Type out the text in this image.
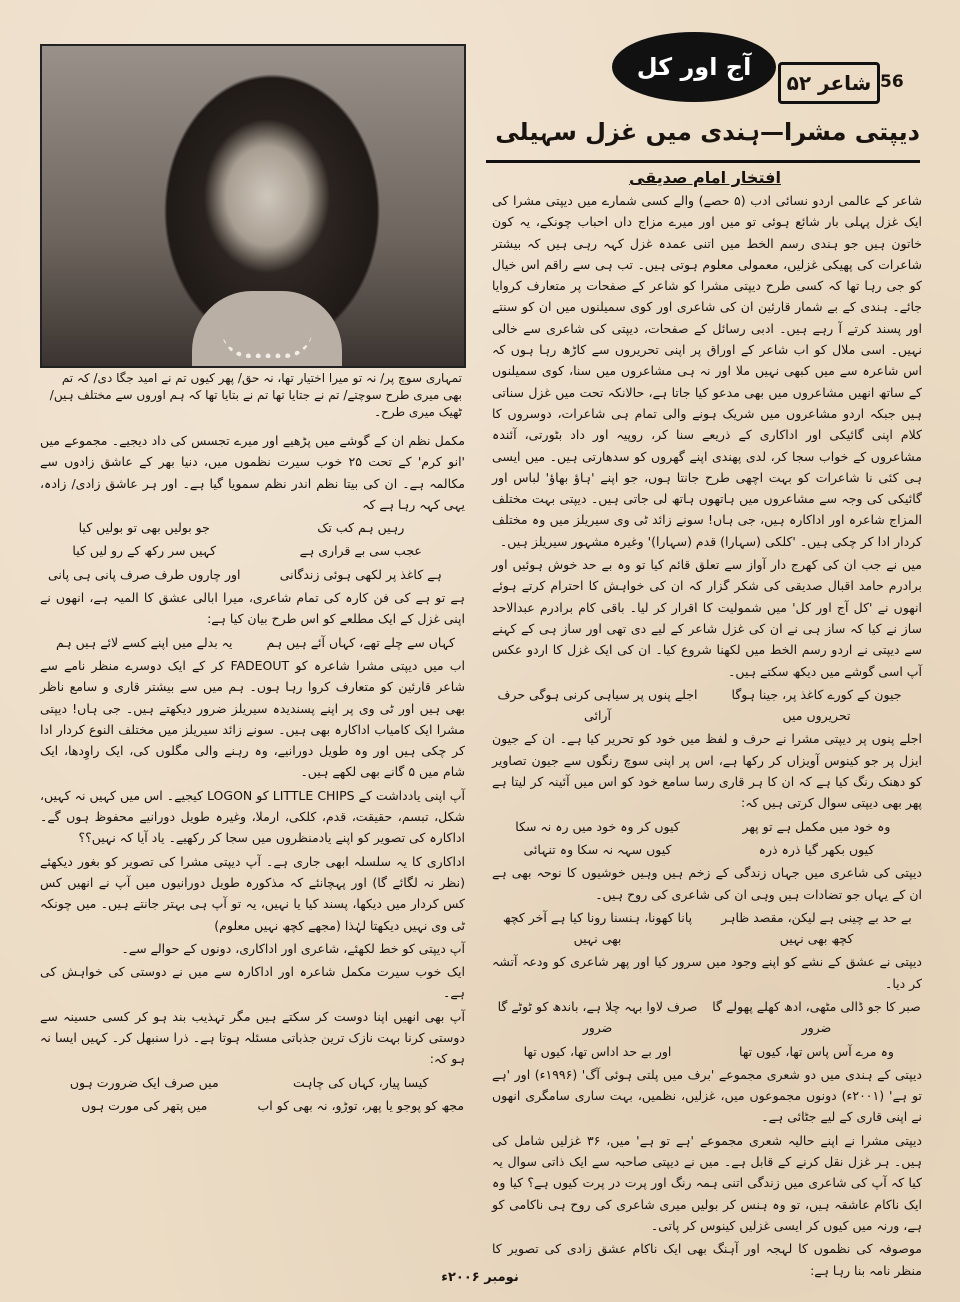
56
شاعر ۵۲
آج اور کل
دیپتی مشرا—ہندی میں غزل سہیلی
افتخار امام صدیقی
تمہاری سوچ پر/ نہ تو میرا اختیار تھا، نہ حق/ پھر کیوں تم نے امید جگا دی/ کہ تم بھی میری طرح سوچتے/ تم نے جتایا تھا تم نے بتایا تھا کہ ہم اوروں سے مختلف ہیں/ ٹھیک میری طرح۔

شاعر کے عالمی اردو نسائی ادب (۵ حصے) والے کسی شمارے میں دیپتی مشرا کی ایک غزل پہلی بار شائع ہوئی تو میں اور میرے مزاج داں احباب چونکے، یہ کون خاتون ہیں جو ہندی رسم الخط میں اتنی عمدہ غزل کہہ رہی ہیں کہ بیشتر شاعرات کی پھیکی غزلیں، معمولی معلوم ہوتی ہیں۔ تب ہی سے راقم اس خیال کو جی رہا تھا کہ کسی طرح دیپتی مشرا کو شاعر کے صفحات پر متعارف کروایا جائے۔ ہندی کے بے شمار قارئین ان کی شاعری اور کوی سمیلنوں میں ان کو سنتے اور پسند کرتے آ رہے ہیں۔ ادبی رسائل کے صفحات، دیپتی کی شاعری سے خالی نہیں۔ اسی ملال کو اب شاعر کے اوراق پر اپنی تحریروں سے کاڑھ رہا ہوں کہ اس شاعرہ سے میں کبھی نہیں ملا اور نہ ہی مشاعروں میں سنا، کوی سمیلنوں کے ساتھ انھیں مشاعروں میں بھی مدعو کیا جاتا ہے، حالانکہ تحت میں غزل سناتی ہیں جبکہ اردو مشاعروں میں شریک ہونے والی تمام ہی شاعرات، دوسروں کا کلام اپنی گائیکی اور اداکاری کے ذریعے سنا کر، روپیہ اور داد بٹورتی، آئندہ مشاعروں کے خواب سجا کر، لدی پھندی اپنے گھروں کو سدھارتی ہیں۔ میں ایسی ہی کئی نا شاعرات کو بہت اچھی طرح جانتا ہوں، جو اپنے 'ہاؤ بھاؤ' لباس اور گائیکی کی وجہ سے مشاعروں میں ہاتھوں ہاتھ لی جاتی ہیں۔ دیپتی بہت مختلف المزاج شاعرہ اور اداکارہ ہیں، جی ہاں! سونے زائد ٹی وی سیریلز میں وہ مختلف کردار ادا کر چکی ہیں۔ 'کلکی (سہارا) قدم (سہارا)' وغیرہ مشہور سیریلز ہیں۔

میں نے جب ان کی کھرج دار آواز سے تعلق قائم کیا تو وہ بے حد خوش ہوئیں اور برادرم حامد اقبال صدیقی کی شکر گزار کہ ان کی خواہش کا احترام کرتے ہوئے انھوں نے 'کل آج اور کل' میں شمولیت کا اقرار کر لیا۔ باقی کام برادرم عبدالاحد ساز نے کیا کہ ساز ہی نے ان کی غزل شاعر کے لیے دی تھی اور ساز ہی کے کہنے سے دیپتی نے اردو رسم الخط میں لکھنا شروع کیا۔ ان کی ایک غزل کا اردو عکس آپ اسی گوشے میں دیکھ سکتے ہیں۔

جیون کے کورے کاغذ پر، جینا ہوگا تحریروں میں
اجلے پنوں پر سیاہی کرنی ہوگی حرف آرائی

اجلے پنوں پر دیپتی مشرا نے حرف و لفظ میں خود کو تحریر کیا ہے۔ ان کے جیون ایزل پر جو کینوس آویزاں کر رکھا ہے، اس پر اپنی سوچ رنگوں سے جیون تصاویر کو دھنک رنگ کیا ہے کہ ان کا ہر قاری رسا سامع خود کو اس میں آئینہ کر لیتا ہے پھر بھی دیپتی سوال کرتی ہیں کہ:

وہ خود میں مکمل ہے تو پھر
کیوں کر وہ خود میں رہ نہ سکا
کیوں بکھر گیا ذرہ ذرہ
کیوں سہہ نہ سکا وہ تنہائی

دیپتی کی شاعری میں جہاں زندگی کے زخم ہیں وہیں خوشیوں کا نوحہ بھی ہے ان کے یہاں جو تضادات ہیں وہی ان کی شاعری کی روح ہیں۔

بے حد بے چینی ہے لیکن، مقصد ظاہر کچھ بھی نہیں
پانا کھونا، ہنسنا رونا کیا ہے آخر کچھ بھی نہیں

دیپتی نے عشق کے نشے کو اپنے وجود میں سرور کیا اور پھر شاعری کو ودعہ آتشہ کر دیا۔

صبر کا جو ڈالی مٹھی، ادھ کھلے پھولے گا ضرور
صرف لاوا بہہ چلا ہے، باندھ کو ٹوٹے گا ضرور
وہ مرے آس پاس تھا، کیوں تھا
اور بے حد اداس تھا، کیوں تھا

دیپتی کے ہندی میں دو شعری مجموعے 'برف میں پلتی ہوئی آگ' (۱۹۹۶ء) اور 'ہے تو ہے' (۲۰۰۱ء) دونوں مجموعوں میں، غزلیں، نظمیں، بہت ساری سامگری انھوں نے اپنی قاری کے لیے جٹائی ہے۔

دیپتی مشرا نے اپنے حالیہ شعری مجموعے 'ہے تو ہے' میں، ۳۶ غزلیں شامل کی ہیں۔ ہر غزل نقل کرنے کے قابل ہے۔ میں نے دیپتی صاحبہ سے ایک ذاتی سوال یہ کیا کہ آپ کی شاعری میں زندگی اتنی ہمہ رنگ اور پرت در پرت کیوں ہے؟ کیا وہ ایک ناکام عاشقہ ہیں، تو وہ ہنس کر بولیں میری شاعری کی روح ہی ناکامی کو ہے، ورنہ میں کیوں کر ایسی غزلیں کینوس کر پاتی۔

موصوفہ کی نظموں کا لہجہ اور آہنگ بھی ایک ناکام عشق زادی کی تصویر کا منظر نامہ بنا رہا ہے:

مکمل نظم ان کے گوشے میں پڑھیے اور میرے تجسس کی داد دیجیے۔ مجموعے میں 'انو کرم' کے تحت ۲۵ خوب سیرت نظموں میں، دنیا بھر کے عاشق زادوں سے مکالمہ ہے۔ ان کی بیتا نظم اندر نظم سمویا گیا ہے۔ اور ہر عاشق زادی/ زادہ، یہی کہہ رہا ہے کہ

رہیں ہم کب تک
جو بولیں بھی تو بولیں کیا
عجب سی بے قراری ہے
کہیں سر رکھ کے رو لیں کیا
ہے کاغذ پر لکھی ہوئی زندگانی
اور چاروں طرف صرف پانی ہی پانی

ہے تو ہے کی فن کارہ کی تمام شاعری، میرا ابالی عشق کا المیہ ہے، انھوں نے اپنی غزل کے ایک مطلعے کو اس طرح بیان کیا ہے:

کہاں سے چلے تھے، کہاں آئے ہیں ہم
یہ بدلے میں اپنے کسے لائے ہیں ہم

اب میں دیپتی مشرا شاعرہ کو FADEOUT کر کے ایک دوسرے منظر نامے سے شاعر قارئین کو متعارف کروا رہا ہوں۔ ہم میں سے بیشتر قاری و سامع ناظر بھی ہیں اور ٹی وی پر اپنے پسندیدہ سیریلز ضرور دیکھتے ہیں۔ جی ہاں! دیپتی مشرا ایک کامیاب اداکارہ بھی ہیں۔ سونے زائد سیریلز میں مختلف النوع کردار ادا کر چکی ہیں اور وہ طویل دورانیے، وہ رہنے والی مگلوں کی، ایک راوِدھا، ایک شام میں ۵ گانے بھی لکھے ہیں۔

آپ اپنی یادداشت کے LITTLE CHIPS کو LOGON کیجیے۔ اس میں کہیں نہ کہیں، شکل، تبسم، حقیقت، قدم، کلکی، ارملا، وغیرہ طویل دورانیے محفوظ ہوں گے۔ اداکارہ کی تصویر کو اپنے یادمنظروں میں سجا کر رکھیے۔ یاد آیا کہ نہیں؟؟

اداکاری کا یہ سلسلہ ابھی جاری ہے۔ آپ دیپتی مشرا کی تصویر کو بغور دیکھئے (نظر نہ لگائے گا) اور پہچانئے کہ مذکورہ طویل دورانیوں میں آپ نے انھیں کس کس کردار میں دیکھا، پسند کیا یا نہیں، یہ تو آپ ہی بہتر جانتے ہیں۔ میں چونکہ ٹی وی نہیں دیکھتا لہٰذا (مجھے کچھ نہیں معلوم)

آپ دیپتی کو خط لکھئے، شاعری اور اداکاری، دونوں کے حوالے سے۔

ایک خوب سیرت مکمل شاعرہ اور اداکارہ سے میں نے دوستی کی خواہش کی ہے۔

آپ بھی انھیں اپنا دوست کر سکتے ہیں مگر تہذیب بند ہو کر کسی حسینہ سے دوستی کرنا بہت نازک ترین جذباتی مسئلہ ہوتا ہے۔ ذرا سنبھل کر۔ کہیں ایسا نہ ہو کہ:

کیسا پیار، کہاں کی چاہت
میں صرف ایک ضرورت ہوں
مجھ کو پوجو یا پھر، توڑو، نہ بھی کو اب
میں پتھر کی مورت ہوں
نومبر ۲۰۰۶ء
